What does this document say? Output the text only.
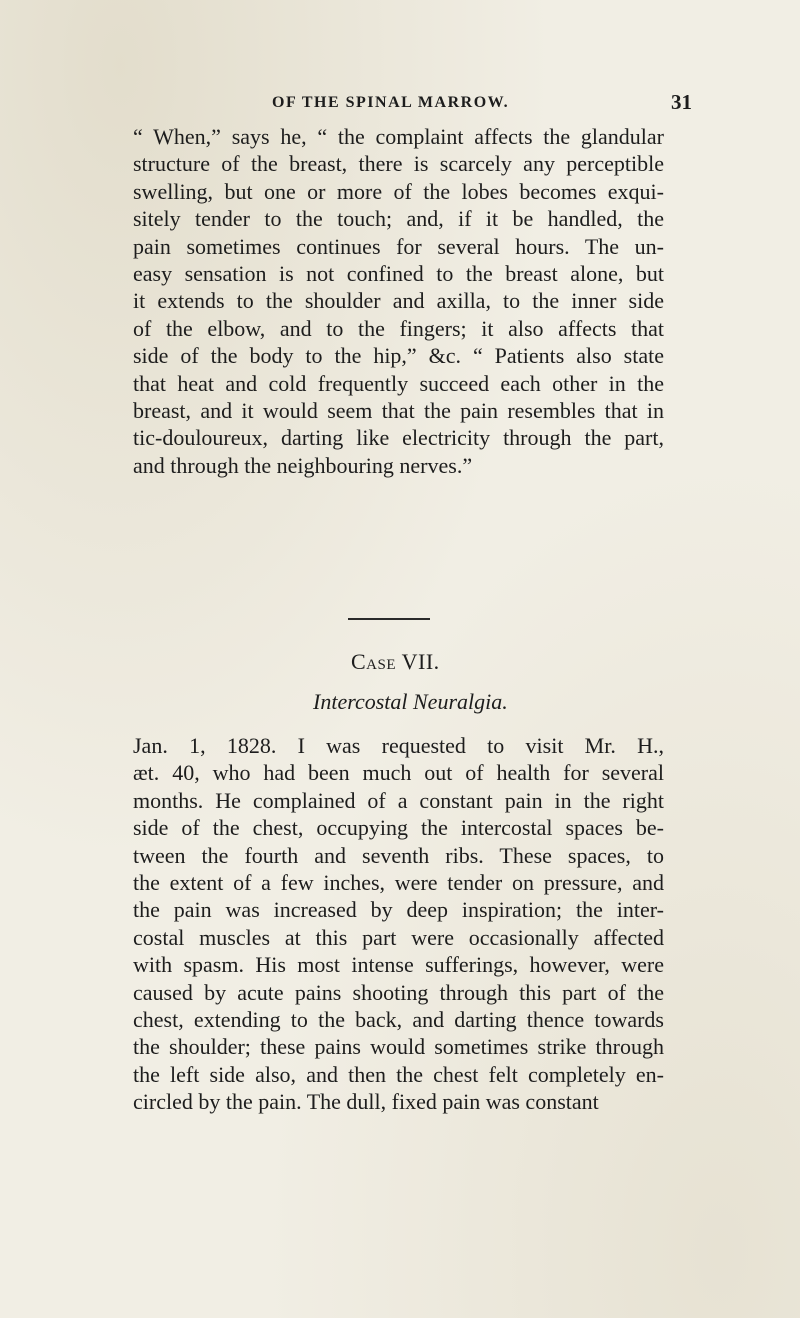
OF THE SPINAL MARROW.	31
“ When,” says he, “ the complaint affects the glandular
structure of the breast, there is scarcely any perceptible
swelling, but one or more of the lobes becomes exqui-
sitely tender to the touch; and, if it be handled, the
pain sometimes continues for several hours. The un-
easy sensation is not confined to the breast alone, but
it extends to the shoulder and axilla, to the inner side
of the elbow, and to the fingers; it also affects that
side of the body to the hip,” &c. “ Patients also state
that heat and cold frequently succeed each other in the
breast, and it would seem that the pain resembles that in
tic-douloureux, darting like electricity through the part,
and through the neighbouring nerves.”
Case VII.
Intercostal Neuralgia.
Jan. 1, 1828. I was requested to visit Mr. H.,
æt. 40, who had been much out of health for several
months. He complained of a constant pain in the right
side of the chest, occupying the intercostal spaces be-
tween the fourth and seventh ribs. These spaces, to
the extent of a few inches, were tender on pressure, and
the pain was increased by deep inspiration; the inter-
costal muscles at this part were occasionally affected
with spasm. His most intense sufferings, however, were
caused by acute pains shooting through this part of the
chest, extending to the back, and darting thence towards
the shoulder; these pains would sometimes strike through
the left side also, and then the chest felt completely en-
circled by the pain. The dull, fixed pain was constant
